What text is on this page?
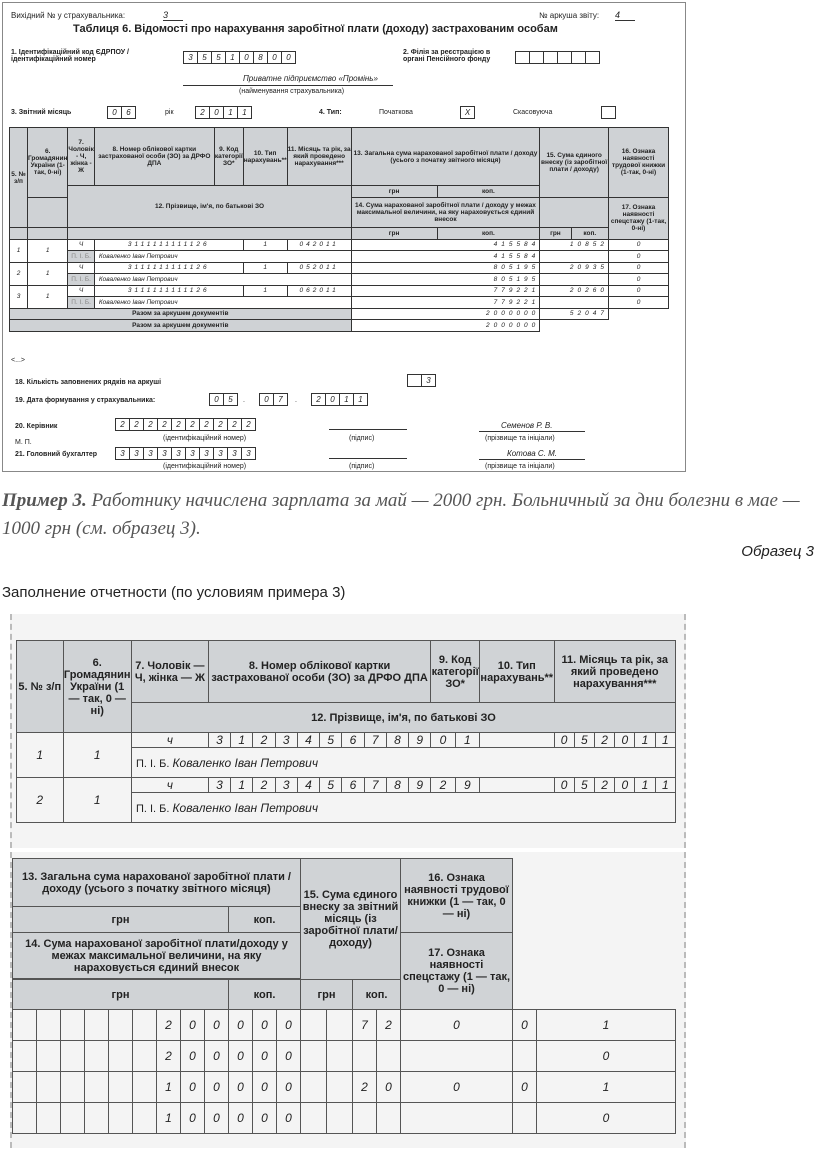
Вихідний № у страхувальника:	3	№ аркуша звіту: 4
Таблиця 6. Відомості про нарахування заробітної плати (доходу) застрахованим особам
1. Ідентифікаційний код ЄДРПОУ / ідентифікаційний номер	3	5	5	1	0	8	0	0
2. Філія за реєстрацією в органі Пенсійного фонду
Приватне підприємство «Промінь»
(найменування страхувальника)
3. Звітний місяць	0	6	рік	2	0	1	1	4. Тип:	Початкова	X	Скасовуюча
5. № з/п	6. Громадянин України (1-так, 0-ні)	7. Чоловік - Ч, жінка - Ж	8. Номер облікової картки застрахованої особи (ЗО) за ДРФО ДПА	9. Код категорії ЗО*	10. Тип нарахувань**	11. Місяць та рік, за який проведено нарахування***	13. Загальна сума нарахованої заробітної плати / доходу (усього з початку звітного місяця)		15. Сума єдиного внеску (із заробітної плати / доходу)		16. Ознака наявності трудової книжки (1-так, 0-ні)
		12. Прізвище, ім'я, по батькові ЗО					грн	коп.			
							14. Сума нарахованої заробітної плати / доходу у межах максимальної величини, на яку нараховується єдиний внесок				17. Ознака наявності спецстажу (1-так, 0-ні)
							грн	коп.	грн	коп.	
1	1	Ч	3111111111126		1	042011	415584		10852		0
		П. І. Б.	Коваленко Іван Петрович				415584				0
2	1	Ч	3111111111126		1	052011	805195		20935		0
		П. І. Б.	Коваленко Іван Петрович				805195				0
3	1	Ч	3111111111126		1	062011	779221		20260		0
		П. І. Б.	Коваленко Іван Петрович				779221				0
Разом за аркушем документів							2000000		52047		
Разом за аркушем документів							2000000				
<...>
18. Кількість заповнених рядків на аркуші	3
19. Дата формування у страхувальника:	0	5	.	0	7	.	2	0	1	1
20. Керівник	2	2	2	2	2	2	2	2	2	2
(ідентифікаційний номер)	(підпис)
Семенов Р. В.
(прізвище та ініціали)
М. П.
21. Головний бухгалтер	3	3	3	3	3	3	3	3	3	3
(ідентифікаційний номер)	(підпис)
Котова С. М.
(прізвище та ініціали)
Пример 3. Работнику начислена зарплата за май — 2000 грн. Больничный за дни болезни в мае — 1000 грн (см. образец 3).
Образец 3
Заполнение отчетности (по условиям примера 3)
5. № з/п	6. Громадянин України (1 — так, 0 — ні)	7. Чоловік — Ч, жінка — Ж	8. Номер облікової картки застрахованої особи (ЗО) за ДРФО ДПА										9. Код категорії ЗО*		10. Тип нарахувань**	11. Місяць та рік, за який проведено нарахування***					
		12. Прізвище, ім'я, по батькові ЗО																			
1	1	ч	3	1	2	3	4	5	6	7	8	9	0	1		0	5	2	0	1	1
		П. І. Б. Коваленко Іван Петрович																			
2	1	ч	3	1	2	3	4	5	6	7	8	9	2	9		0	5	2	0	1	1
		П. І. Б. Коваленко Іван Петрович																			
13. Загальна сума нарахованої заробітної плати / доходу (усього з початку звітного місяця)												15. Сума єдиного внеску за звітний місяць (із заробітної плати/доходу)				16. Ознака наявності трудової книжки (1 — так, 0 — ні)		
грн									коп.									
14. Сума нарахованої заробітної плати/доходу у межах максимальної величини, на яку нараховується єдиний внесок																17. Ознака наявності спецстажу (1 — так, 0 — ні)		

грн									коп.			грн		коп.				
						2	0	0	0	0	0			7	2	0	0	1
						2	0	0	0	0	0							0
						1	0	0	0	0	0			2	0	0	0	1
						1	0	0	0	0	0							0
